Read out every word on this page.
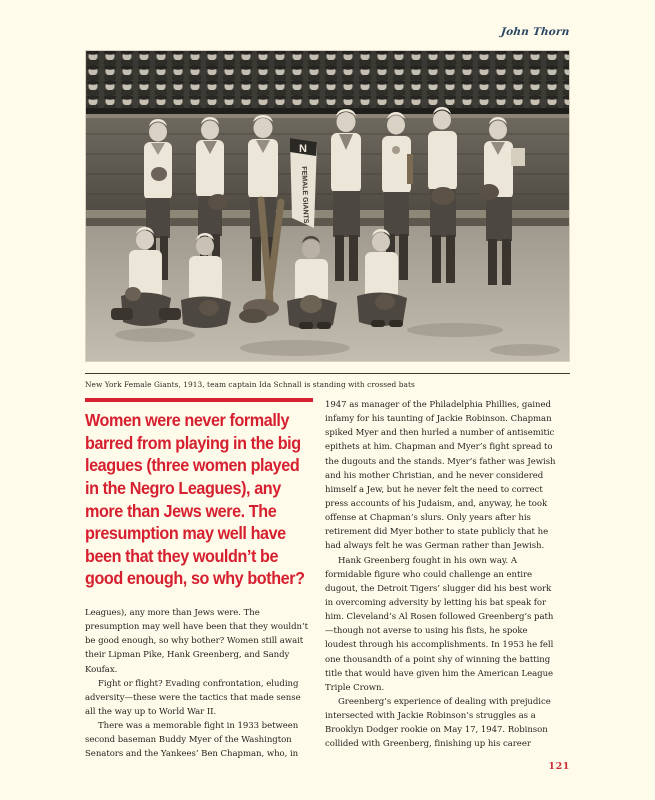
John Thorn
N
FEMALE GIANTS
New York Female Giants, 1913, team captain Ida Schnall is standing with crossed bats

Women were never formally barred from playing in the big leagues (three women played in the Negro Leagues), any more than Jews were. The presumption may well have been that they wouldn’t be good enough, so why bother?

Leagues), any more than Jews were. The presumption may well have been that they wouldn’t be good enough, so why bother? Women still await their Lipman Pike, Hank Greenberg, and Sandy Koufax.

Fight or flight? Evading confrontation, eluding adversity—these were the tactics that made sense all the way up to World War II.

There was a memorable fight in 1933 between second baseman Buddy Myer of the Washington Senators and the Yankees’ Ben Chapman, who, in

1947 as manager of the Philadelphia Phillies, gained infamy for his taunting of Jackie Robinson. Chapman spiked Myer and then hurled a number of antisemitic epithets at him. Chapman and Myer’s fight spread to the dugouts and the stands. Myer’s father was Jewish and his mother Christian, and he never considered himself a Jew, but he never felt the need to correct press accounts of his Judaism, and, anyway, he took offense at Chapman’s slurs. Only years after his retirement did Myer bother to state publicly that he had always felt he was German rather than Jewish.

Hank Greenberg fought in his own way. A formidable figure who could challenge an entire dugout, the Detroit Tigers’ slugger did his best work in overcoming adversity by letting his bat speak for him. Cleveland’s Al Rosen followed Greenberg’s path—though not averse to using his fists, he spoke loudest through his accomplishments. In 1953 he fell one thousandth of a point shy of winning the batting title that would have given him the American League Triple Crown.

Greenberg’s experience of dealing with prejudice intersected with Jackie Robinson’s struggles as a Brooklyn Dodger rookie on May 17, 1947. Robinson collided with Greenberg, finishing up his career

121
